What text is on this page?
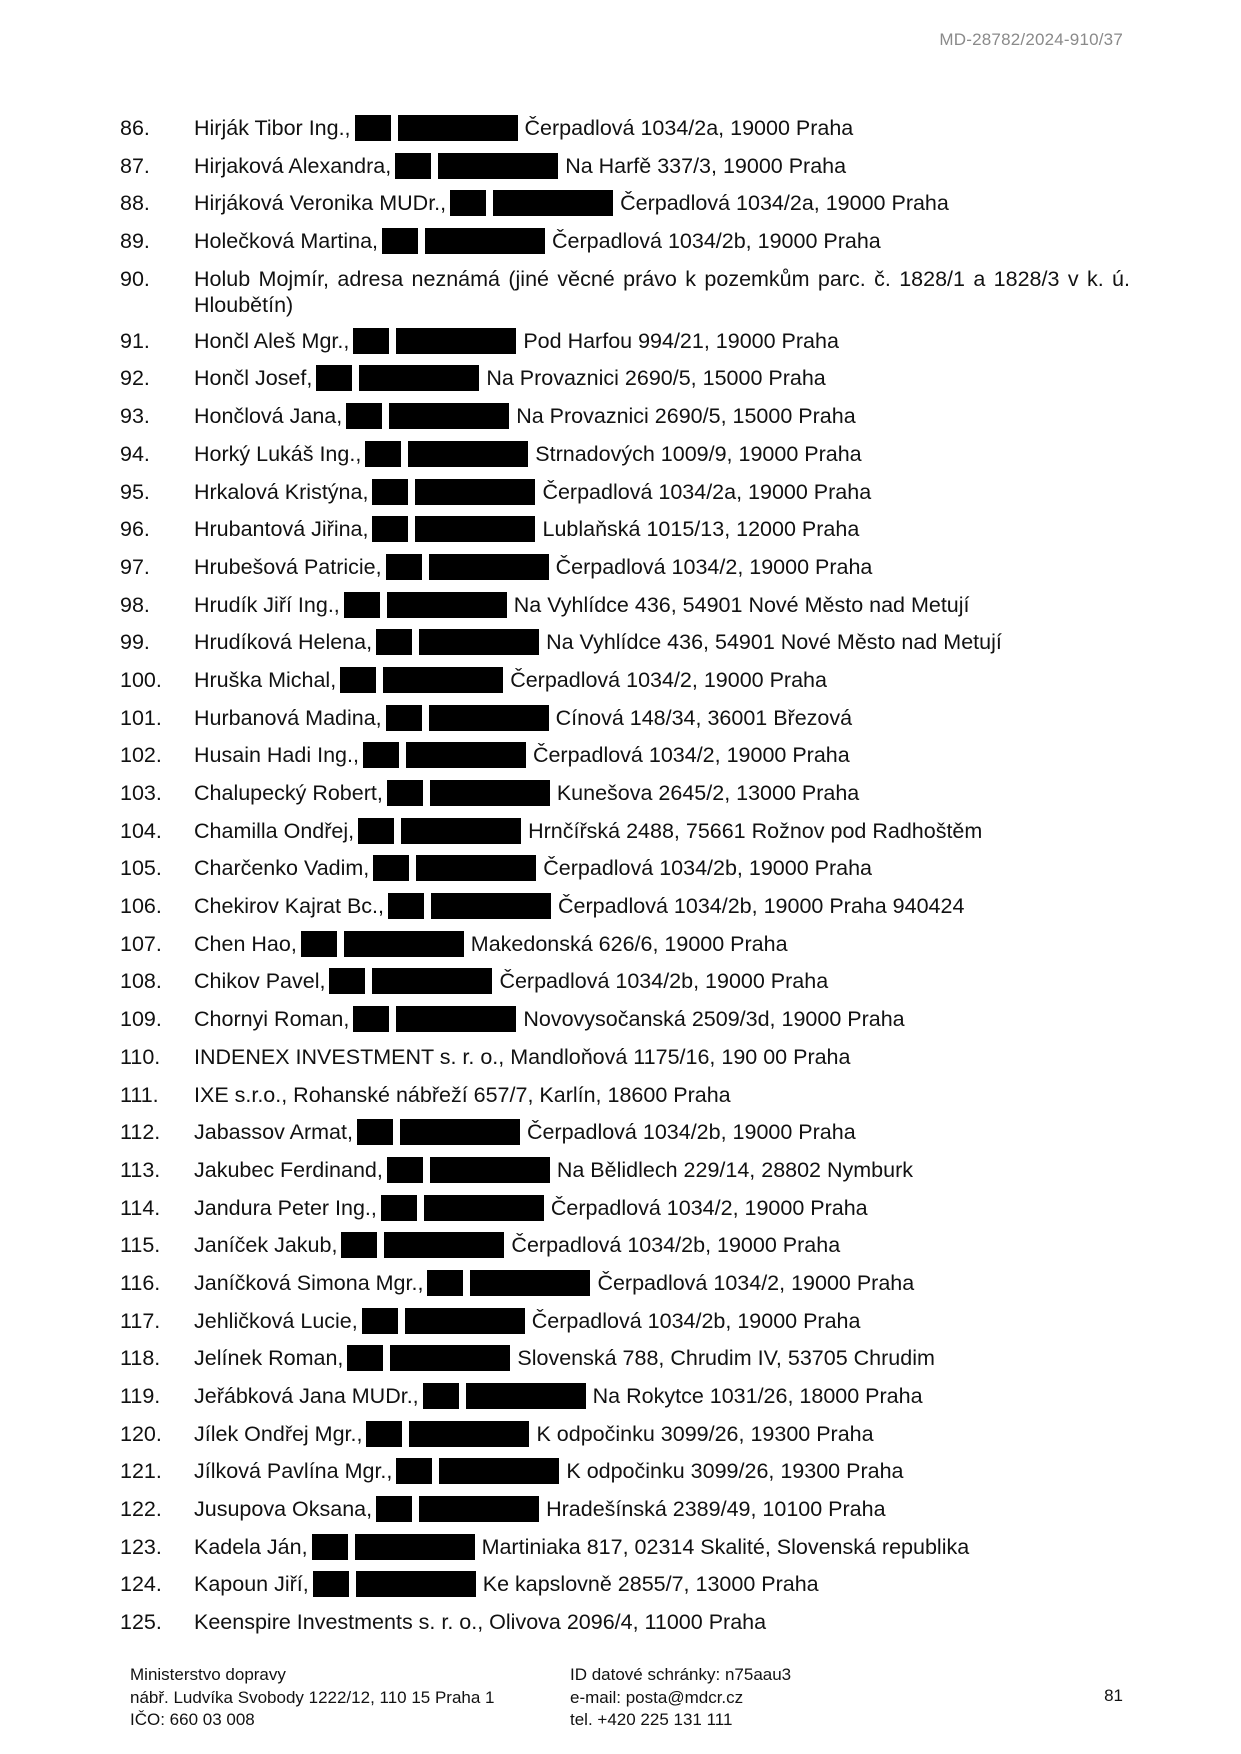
MD-28782/2024-910/37
86.	Hirják Tibor Ing.,	Čerpadlová 1034/2a, 19000 Praha
87.	Hirjaková Alexandra,	Na Harfě 337/3, 19000 Praha
88.	Hirjáková Veronika MUDr.,	Čerpadlová 1034/2a, 19000 Praha
89.	Holečková Martina,	Čerpadlová 1034/2b, 19000 Praha
90.	Holub Mojmír, adresa neznámá (jiné věcné právo k pozemkům parc. č. 1828/1 a 1828/3 v k. ú. Hloubětín)
91.	Hončl Aleš Mgr.,	Pod Harfou 994/21, 19000 Praha
92.	Hončl Josef,	Na Provaznici 2690/5, 15000 Praha
93.	Hončlová Jana,	Na Provaznici 2690/5, 15000 Praha
94.	Horký Lukáš Ing.,	Strnadových 1009/9, 19000 Praha
95.	Hrkalová Kristýna,	Čerpadlová 1034/2a, 19000 Praha
96.	Hrubantová Jiřina,	Lublaňská 1015/13, 12000 Praha
97.	Hrubešová Patricie,	Čerpadlová 1034/2, 19000 Praha
98.	Hrudík Jiří Ing.,	Na Vyhlídce 436, 54901 Nové Město nad Metují
99.	Hrudíková Helena,	Na Vyhlídce 436, 54901 Nové Město nad Metují
100.	Hruška Michal,	Čerpadlová 1034/2, 19000 Praha
101.	Hurbanová Madina,	Cínová 148/34, 36001 Březová
102.	Husain Hadi Ing.,	Čerpadlová 1034/2, 19000 Praha
103.	Chalupecký Robert,	Kunešova 2645/2, 13000 Praha
104.	Chamilla Ondřej,	Hrnčířská 2488, 75661 Rožnov pod Radhoštěm
105.	Charčenko Vadim,	Čerpadlová 1034/2b, 19000 Praha
106.	Chekirov Kajrat Bc.,	Čerpadlová 1034/2b, 19000 Praha 940424
107.	Chen Hao,	Makedonská 626/6, 19000 Praha
108.	Chikov Pavel,	Čerpadlová 1034/2b, 19000 Praha
109.	Chornyi Roman,	Novovysočanská 2509/3d, 19000 Praha
110.	INDENEX INVESTMENT s. r. o., Mandloňová 1175/16, 190 00 Praha
111.	IXE s.r.o., Rohanské nábřeží 657/7, Karlín, 18600 Praha
112.	Jabassov Armat,	Čerpadlová 1034/2b, 19000 Praha
113.	Jakubec Ferdinand,	Na Bělidlech 229/14, 28802 Nymburk
114.	Jandura Peter Ing.,	Čerpadlová 1034/2, 19000 Praha
115.	Janíček Jakub,	Čerpadlová 1034/2b, 19000 Praha
116.	Janíčková Simona Mgr.,	Čerpadlová 1034/2, 19000 Praha
117.	Jehličková Lucie,	Čerpadlová 1034/2b, 19000 Praha
118.	Jelínek Roman,	Slovenská 788, Chrudim IV, 53705 Chrudim
119.	Jeřábková Jana MUDr.,	Na Rokytce 1031/26, 18000 Praha
120.	Jílek Ondřej Mgr.,	K odpočinku 3099/26, 19300 Praha
121.	Jílková Pavlína Mgr.,	K odpočinku 3099/26, 19300 Praha
122.	Jusupova Oksana,	Hradešínská 2389/49, 10100 Praha
123.	Kadela Ján,	Martiniaka 817, 02314 Skalité, Slovenská republika
124.	Kapoun Jiří,	Ke kapslovně 2855/7, 13000 Praha
125.	Keenspire Investments s. r. o., Olivova 2096/4, 11000 Praha
Ministerstvo dopravy
nábř. Ludvíka Svobody 1222/12, 110 15 Praha 1
IČO: 660 03 008
ID datové schránky: n75aau3
e-mail: posta@mdcr.cz
tel. +420 225 131 111
81
